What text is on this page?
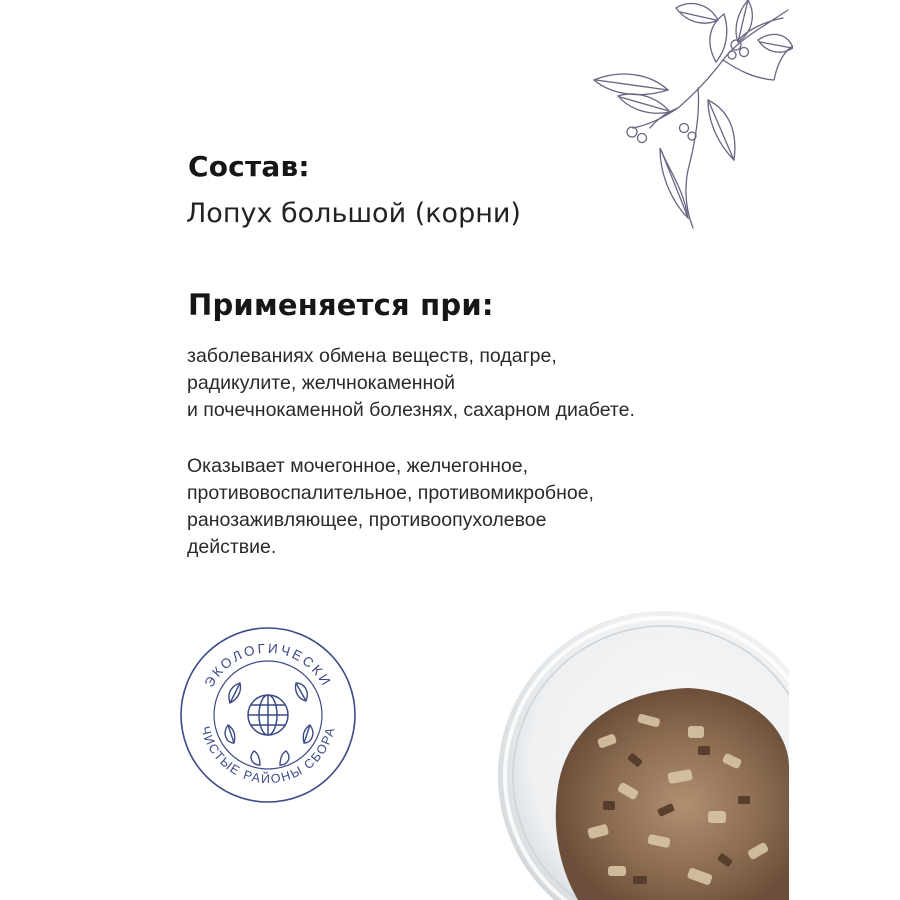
Состав:

Лопух большой (корни)

Применяется при:

заболеваниях обмена веществ, подагре,
радикулите, желчнокаменной
и почечнокаменной болезнях, сахарном диабете.

Оказывает мочегонное, желчегонное,
противовоспалительное, противомикробное,
ранозаживляющее, противоопухолевое
действие.

ЭКОЛОГИЧЕСКИ
ЧИСТЫЕ РАЙОНЫ СБОРА
